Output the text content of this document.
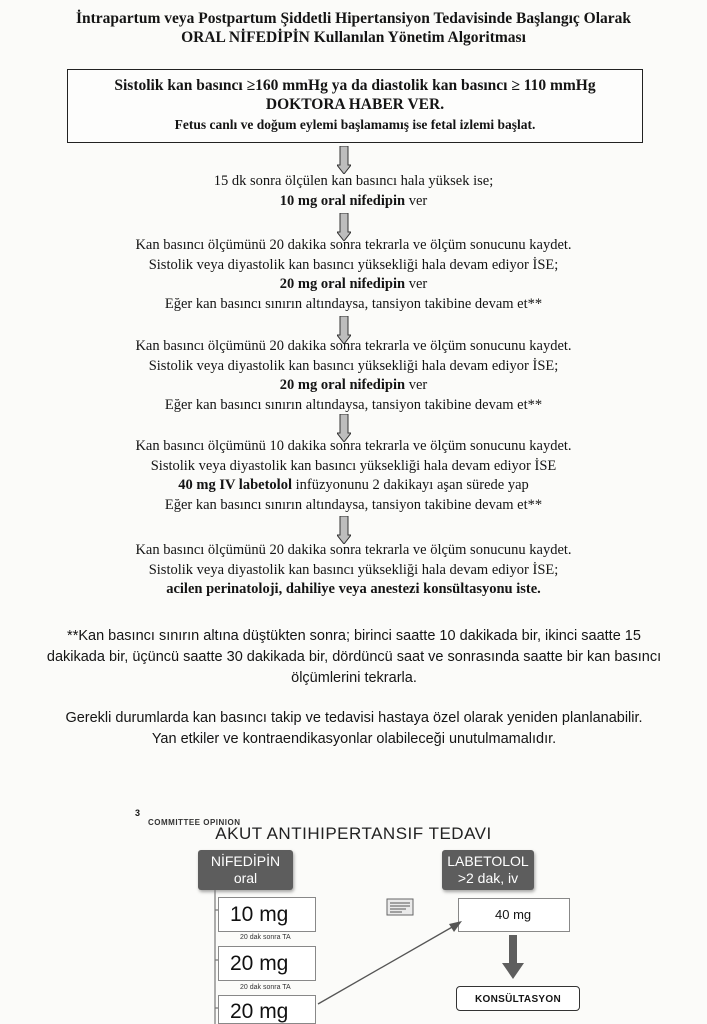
İntrapartum veya Postpartum Şiddetli Hipertansiyon Tedavisinde Başlangıç Olarak
ORAL NİFEDİPİN Kullanılan Yönetim Algoritması
Sistolik kan basıncı ≥160 mmHg ya da diastolik kan basıncı ≥ 110 mmHg
DOKTORA HABER VER.
Fetus canlı ve doğum eylemi başlamamış ise fetal izlemi başlat.
15 dk sonra ölçülen kan basıncı hala yüksek ise;
10 mg oral nifedipin ver
Kan basıncı ölçümünü 20 dakika sonra tekrarla ve ölçüm sonucunu kaydet.
Sistolik veya diyastolik kan basıncı yüksekliği hala devam ediyor İSE;
20 mg oral nifedipin ver
Eğer kan basıncı sınırın altındaysa, tansiyon takibine devam et**
Kan basıncı ölçümünü 20 dakika sonra tekrarla ve ölçüm sonucunu kaydet.
Sistolik veya diyastolik kan basıncı yüksekliği hala devam ediyor İSE;
20 mg oral nifedipin ver
Eğer kan basıncı sınırın altındaysa, tansiyon takibine devam et**
Kan basıncı ölçümünü 10 dakika sonra tekrarla ve ölçüm sonucunu kaydet.
Sistolik veya diyastolik kan basıncı yüksekliği hala devam ediyor İSE
40 mg IV labetolol infüzyonunu 2 dakikayı aşan sürede yap
Eğer kan basıncı sınırın altındaysa, tansiyon takibine devam et**
Kan basıncı ölçümünü 20 dakika sonra tekrarla ve ölçüm sonucunu kaydet.
Sistolik veya diyastolik kan basıncı yüksekliği hala devam ediyor İSE;
acilen perinatoloji, dahiliye veya anestezi konsültasyonu iste.
**Kan basıncı sınırın altına düştükten sonra; birinci saatte 10 dakikada bir, ikinci saatte 15
dakikada bir, üçüncü saatte 30 dakikada bir, dördüncü saat ve sonrasında saatte bir kan basıncı
ölçümlerini tekrarla.
Gerekli durumlarda kan basıncı takip ve tedavisi hastaya özel olarak yeniden planlanabilir.
Yan etkiler ve kontraendikasyonlar olabileceği unutulmamalıdır.
3
COMMITTEE OPINION
AKUT ANTIHIPERTANSIF TEDAVI
NİFEDİPİN
oral
10 mg
20 dak sonra TA
20 mg
20 dak sonra TA
20 mg
LABETOLOL
>2 dak, iv
40 mg
KONSÜLTASYON
